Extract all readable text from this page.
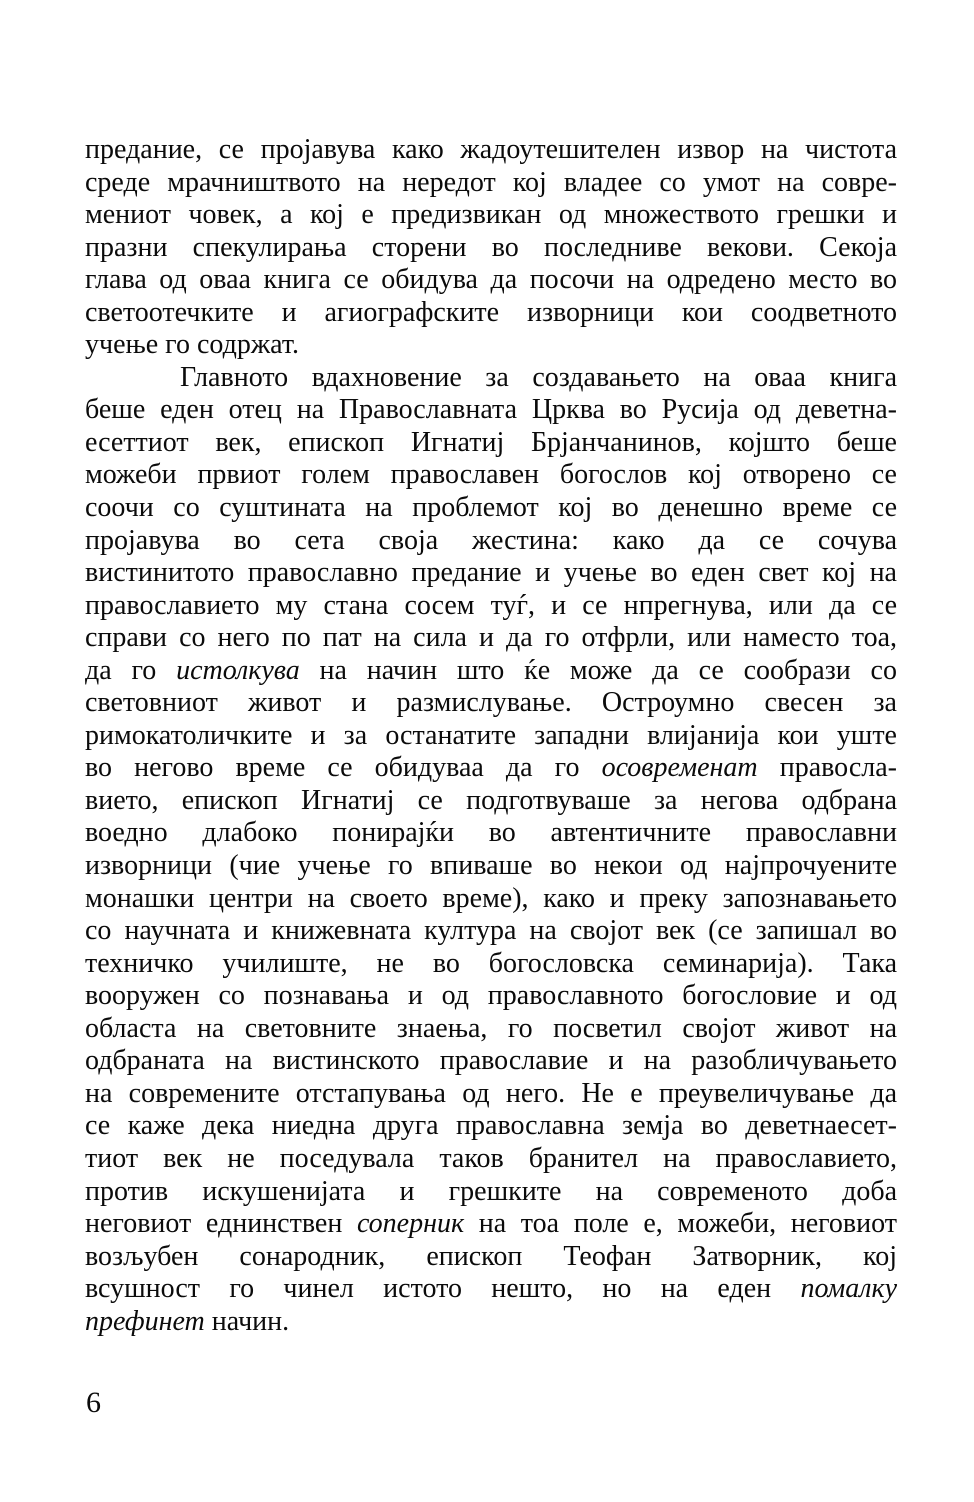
предание, се пројавува како жадоутешителен извор на чистота
среде мрачништвото на нередот кој владее со умот на совре-
мениот човек, а кој е предизвикан од множеството грешки и
празни спекулирања сторени во последниве векови. Секоја
глава од оваа книга се обидува да посочи на одредено место во
светоотечките и агиографските изворници кои соодветното
учење го содржат.
Главното вдахновение за создавањето на оваа книга
беше еден отец на Православната Црква во Русија од деветна-
есеттиот век, епископ Игнатиј Брјанчанинов, којшто беше
можеби првиот голем православен богослов кој отворено се
соочи со суштината на проблемот кој во денешно време се
пројавува во сета своја жестина: како да се сочува
вистинитото православно предание и учење во еден свет кој на
православието му стана сосем туѓ, и се нпрегнува, или да се
справи со него по пат на сила и да го отфрли, или наместо тоа,
да го истолкува на начин што ќе може да се сообрази со
световниот живот и размислување. Остроумно свесен за
римокатоличките и за останатите западни влијанија кои уште
во негово време се обидуваа да го осовременат правосла-
вието, епископ Игнатиј се подготвуваше за негова одбрана
воедно длабоко понирајќи во автентичните православни
изворници (чие учење го впиваше во некои од најпрочуените
монашки центри на своето време), како и преку запознавањето
со научната и книжевната култура на својот век (се запишал во
техничко училиште, не во богословска семинарија). Така
вооружен со познавања и од православното богословие и од
областа на световните знаења, го посветил својот живот на
одбраната на вистинското православие и на разобличувањето
на современите отстапувања од него. Не е преувеличување да
се каже дека ниедна друга православна земја во деветнаесет-
тиот век не поседувала таков бранител на православието,
против искушенијата и грешките на современото доба
неговиот еднинствен соперник на тоа поле е, можеби, неговиот
возљубен сонародник, епископ Теофан Затворник, кој
всушност го чинел истото нешто, но на еден помалку
префинет начин.
6
